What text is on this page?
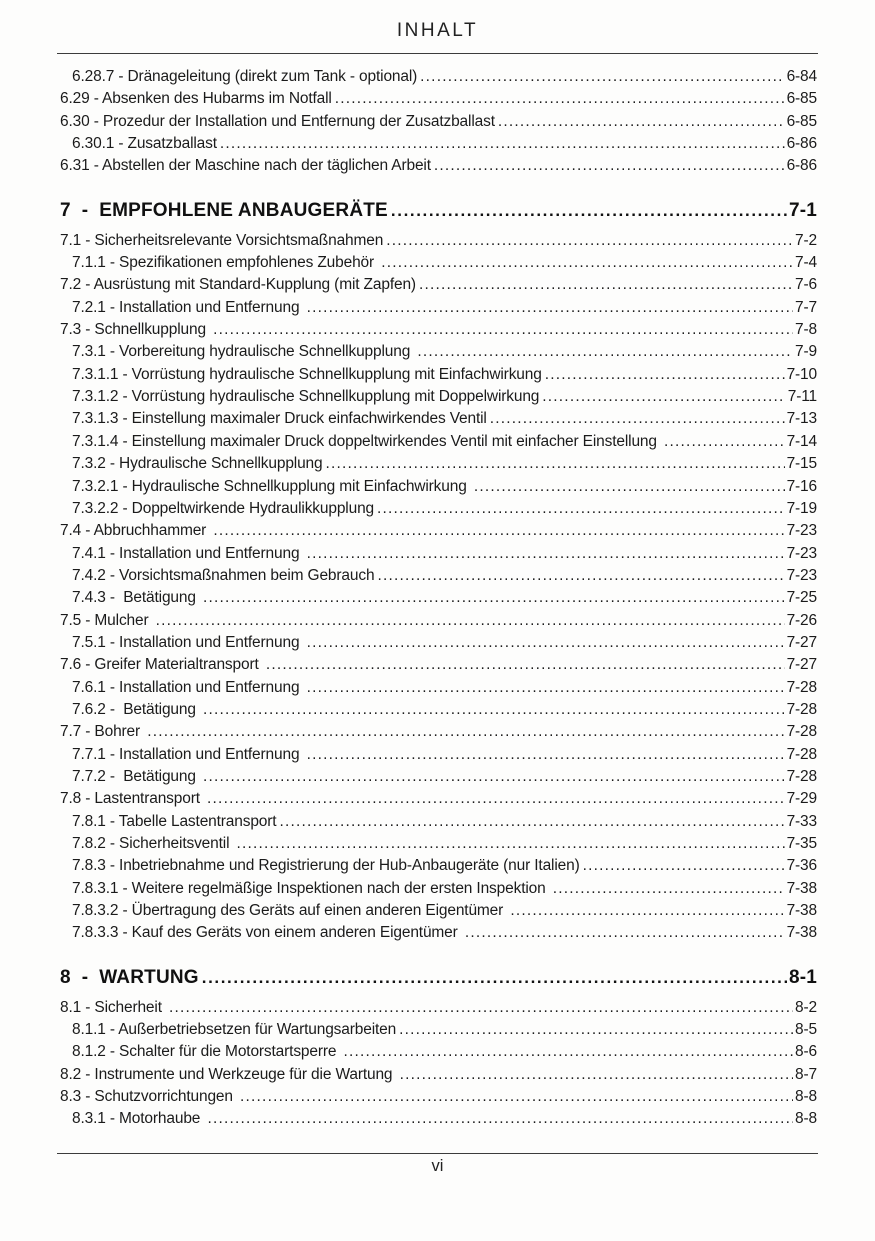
INHALT
6.28.7 - Dränageleitung (direkt zum Tank - optional) .....	6-84
6.29 - Absenken des Hubarms im Notfall .....	6-85
6.30 - Prozedur der Installation und Entfernung der Zusatzballast .....	6-85
6.30.1 - Zusatzballast .....	6-86
6.31 - Abstellen der Maschine nach der täglichen Arbeit .....	6-86
7  -  EMPFOHLENE ANBAUGERÄTE .....	7-1
7.1 - Sicherheitsrelevante Vorsichtsmaßnahmen .....	7-2
7.1.1 - Spezifikationen empfohlenes Zubehör .....	7-4
7.2 - Ausrüstung mit Standard-Kupplung (mit Zapfen) .....	7-6
7.2.1 - Installation und Entfernung .....	7-7
7.3 - Schnellkupplung .....	7-8
7.3.1 - Vorbereitung hydraulische Schnellkupplung .....	7-9
7.3.1.1 - Vorrüstung hydraulische Schnellkupplung mit Einfachwirkung .....	7-10
7.3.1.2 - Vorrüstung hydraulische Schnellkupplung mit Doppelwirkung .....	7-11
7.3.1.3 - Einstellung maximaler Druck einfachwirkendes Ventil .....	7-13
7.3.1.4 - Einstellung maximaler Druck doppeltwirkendes Ventil mit einfacher Einstellung .....	7-14
7.3.2 - Hydraulische Schnellkupplung .....	7-15
7.3.2.1 - Hydraulische Schnellkupplung mit Einfachwirkung .....	7-16
7.3.2.2 - Doppeltwirkende Hydraulikkupplung .....	7-19
7.4 - Abbruchhammer .....	7-23
7.4.1 - Installation und Entfernung .....	7-23
7.4.2 - Vorsichtsmaßnahmen beim Gebrauch .....	7-23
7.4.3 -  Betätigung .....	7-25
7.5 - Mulcher .....	7-26
7.5.1 - Installation und Entfernung .....	7-27
7.6 - Greifer Materialtransport .....	7-27
7.6.1 - Installation und Entfernung .....	7-28
7.6.2 -  Betätigung .....	7-28
7.7 - Bohrer .....	7-28
7.7.1 - Installation und Entfernung .....	7-28
7.7.2 -  Betätigung .....	7-28
7.8 - Lastentransport .....	7-29
7.8.1 - Tabelle Lastentransport .....	7-33
7.8.2 - Sicherheitsventil .....	7-35
7.8.3 - Inbetriebnahme und Registrierung der Hub-Anbaugeräte (nur Italien) .....	7-36
7.8.3.1 - Weitere regelmäßige Inspektionen nach der ersten Inspektion .....	7-38
7.8.3.2 - Übertragung des Geräts auf einen anderen Eigentümer .....	7-38
7.8.3.3 - Kauf des Geräts von einem anderen Eigentümer .....	7-38
8  -  WARTUNG .....	8-1
8.1 - Sicherheit .....	8-2
8.1.1 - Außerbetriebsetzen für Wartungsarbeiten .....	8-5
8.1.2 - Schalter für die Motorstartsperre .....	8-6
8.2 - Instrumente und Werkzeuge für die Wartung .....	8-7
8.3 - Schutzvorrichtungen .....	8-8
8.3.1 - Motorhaube .....	8-8
vi
